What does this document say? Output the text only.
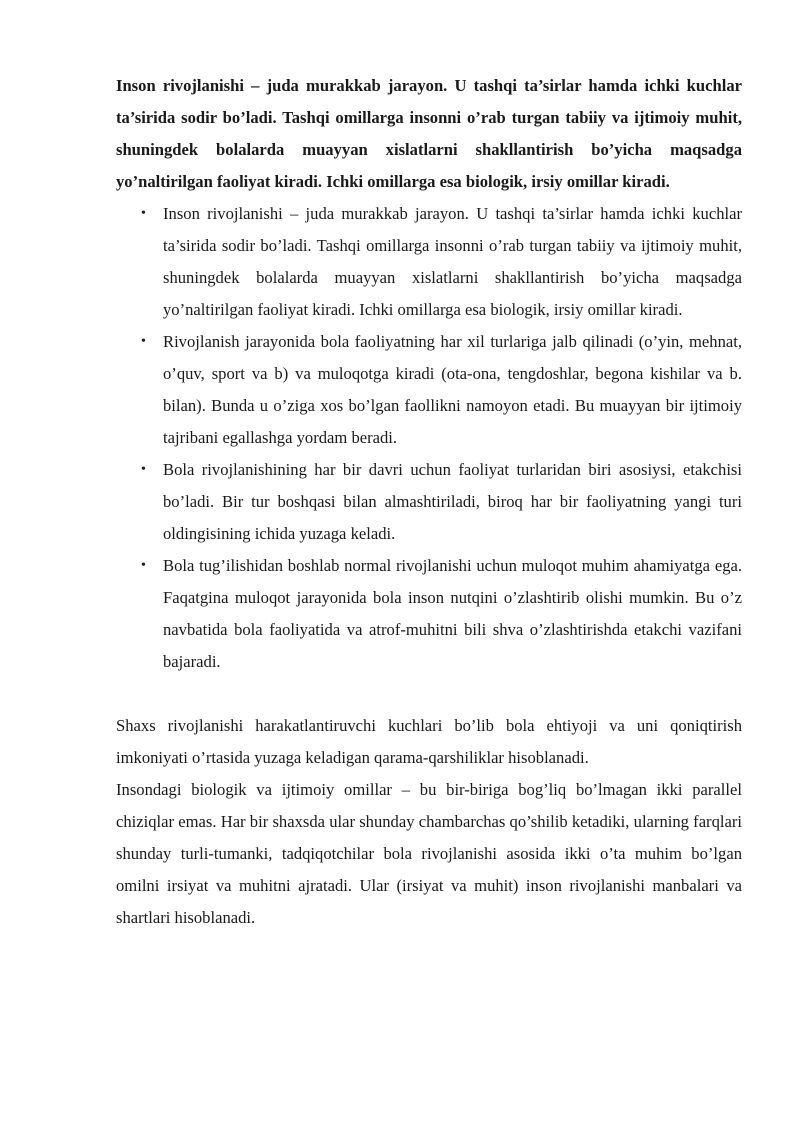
Inson rivojlanishi – juda murakkab jarayon. U tashqi ta’sirlar hamda ichki kuchlar ta’sirida sodir bo’ladi. Tashqi omillarga insonni o’rab turgan tabiiy va ijtimoiy muhit, shuningdek bolalarda muayyan xislatlarni shakllantirish bo’yicha maqsadga yo’naltirilgan faoliyat kiradi. Ichki omillarga esa biologik, irsiy omillar kiradi.

• Inson rivojlanishi – juda murakkab jarayon. U tashqi ta’sirlar hamda ichki kuchlar ta’sirida sodir bo’ladi. Tashqi omillarga insonni o’rab turgan tabiiy va ijtimoiy muhit, shuningdek bolalarda muayyan xislatlarni shakllantirish bo’yicha maqsadga yo’naltirilgan faoliyat kiradi. Ichki omillarga esa biologik, irsiy omillar kiradi.
• Rivojlanish jarayonida bola faoliyatning har xil turlariga jalb qilinadi (o’yin, mehnat, o’quv, sport va b) va muloqotga kiradi (ota-ona, tengdoshlar, begona kishilar va b. bilan). Bunda u o’ziga xos bo’lgan faollikni namoyon etadi. Bu muayyan bir ijtimoiy tajribani egallashga yordam beradi.
• Bola rivojlanishining har bir davri uchun faoliyat turlaridan biri asosiysi, etakchisi bo’ladi. Bir tur boshqasi bilan almashtiriladi, biroq har bir faoliyatning yangi turi oldingisining ichida yuzaga keladi.
• Bola tug’ilishidan boshlab normal rivojlanishi uchun muloqot muhim ahamiyatga ega. Faqatgina muloqot jarayonida bola inson nutqini o’zlashtirib olishi mumkin. Bu o’z navbatida bola faoliyatida va atrof-muhitni bili shva o’zlashtirishda etakchi vazifani bajaradi.

Shaxs rivojlanishi harakatlantiruvchi kuchlari bo’lib bola ehtiyoji va uni qoniqtirish imkoniyati o’rtasida yuzaga keladigan qarama-qarshiliklar hisoblanadi.

Insondagi biologik va ijtimoiy omillar – bu bir-biriga bog’liq bo’lmagan ikki parallel chiziqlar emas. Har bir shaxsda ular shunday chambarchas qo’shilib ketadiki, ularning farqlari shunday turli-tumanki, tadqiqotchilar bola rivojlanishi asosida ikki o’ta muhim bo’lgan omilni irsiyat va muhitni ajratadi. Ular (irsiyat va muhit) inson rivojlanishi manbalari va shartlari hisoblanadi.
